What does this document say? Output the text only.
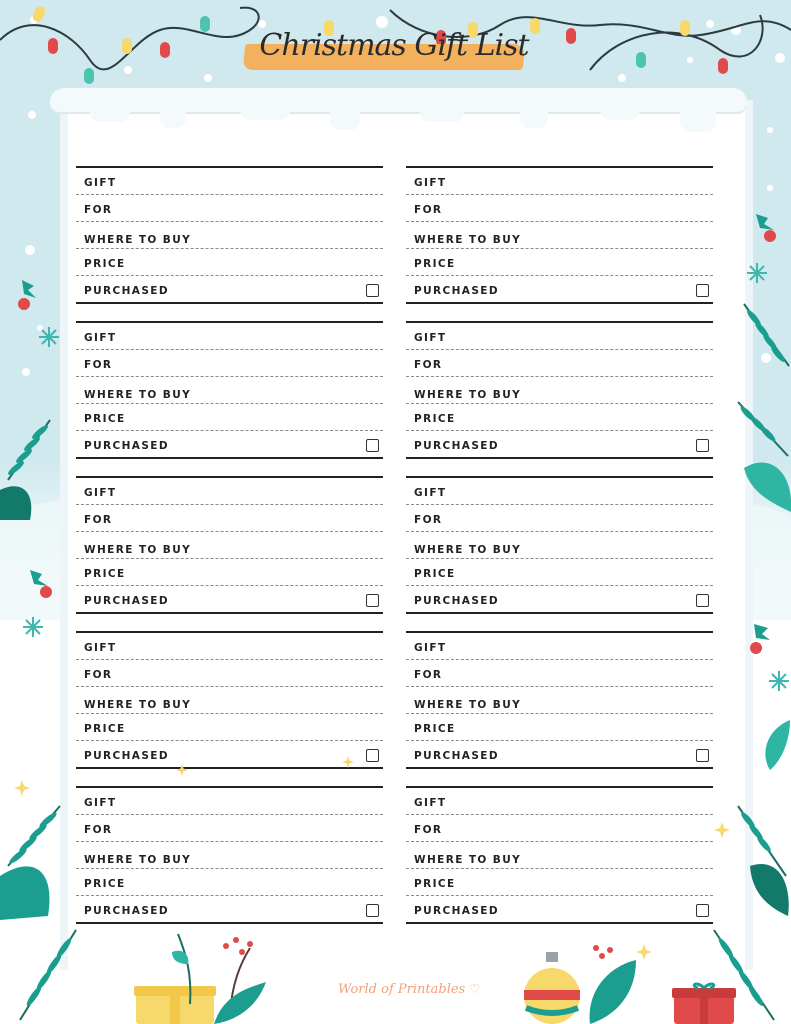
Christmas Gift List
GIFT
FOR
WHERE TO BUY
PRICE
PURCHASED
GIFT
FOR
WHERE TO BUY
PRICE
PURCHASED
GIFT
FOR
WHERE TO BUY
PRICE
PURCHASED
GIFT
FOR
WHERE TO BUY
PRICE
PURCHASED
GIFT
FOR
WHERE TO BUY
PRICE
PURCHASED
GIFT
FOR
WHERE TO BUY
PRICE
PURCHASED
GIFT
FOR
WHERE TO BUY
PRICE
PURCHASED
GIFT
FOR
WHERE TO BUY
PRICE
PURCHASED
GIFT
FOR
WHERE TO BUY
PRICE
PURCHASED
GIFT
FOR
WHERE TO BUY
PRICE
PURCHASED
World of Printables ♡
